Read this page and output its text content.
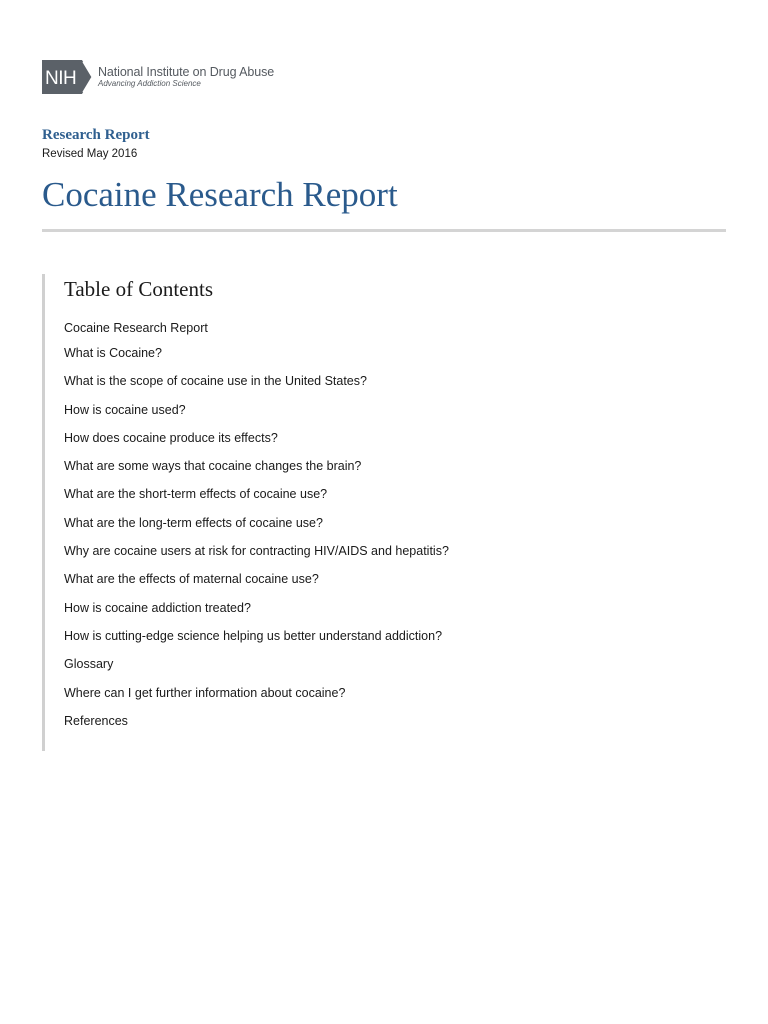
NIH National Institute on Drug Abuse
Advancing Addiction Science

Research Report

Revised May 2016
Cocaine Research Report
Table of Contents
Cocaine Research Report
What is Cocaine?
What is the scope of cocaine use in the United States?
How is cocaine used?
How does cocaine produce its effects?
What are some ways that cocaine changes the brain?
What are the short-term effects of cocaine use?
What are the long-term effects of cocaine use?
Why are cocaine users at risk for contracting HIV/AIDS and hepatitis?
What are the effects of maternal cocaine use?
How is cocaine addiction treated?
How is cutting-edge science helping us better understand addiction?
Glossary
Where can I get further information about cocaine?
References
